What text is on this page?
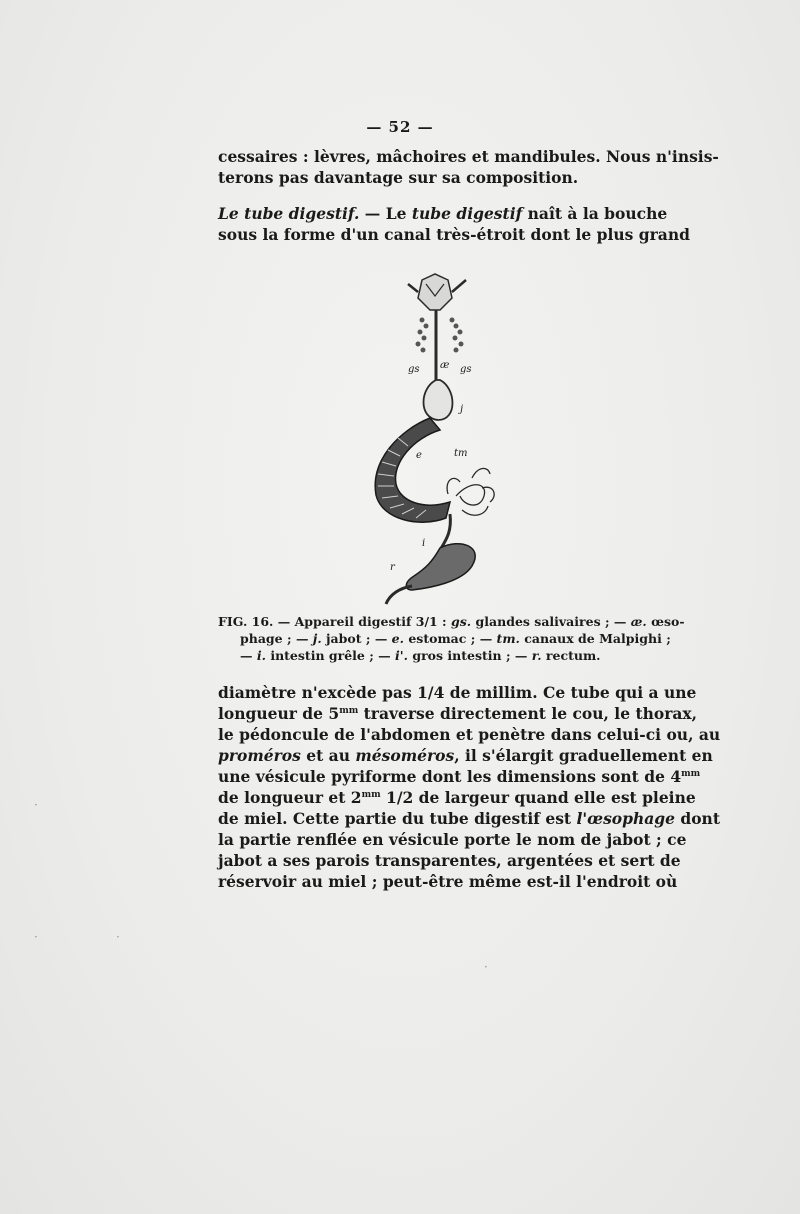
— 52 —
cessaires : lèvres, mâchoires et mandibules. Nous n'insis-
terons pas davantage sur sa composition.
Le tube digestif. — Le tube digestif naît à la bouche
sous la forme d'un canal très-étroit dont le plus grand
gs æ gs
j
e	tm
i
r
FIG. 16. — Appareil digestif 3/1 : gs. glandes salivaires ; — æ. œso-
phage ; — j. jabot ; — e. estomac ; — tm. canaux de Malpighi ;
— i. intestin grêle ; — i'. gros intestin ; — r. rectum.
diamètre n'excède pas 1/4 de millim. Ce tube qui a une
longueur de $5^{mm}$ traverse directement le cou, le thorax,
le pédoncule de l'abdomen et penètre dans celui-ci ou, au
proméros et au mésoméros, il s'élargit graduellement en
une vésicule pyriforme dont les dimensions sont de $4^{mm}$
de longueur et $2^{mm}$ 1/2 de largeur quand elle est pleine
de miel. Cette partie du tube digestif est l'œsophage dont
la partie renflée en vésicule porte le nom de jabot ; ce
jabot a ses parois transparentes, argentées et sert de
réservoir au miel ; peut-être même est-il l'endroit où
·
·	·
·
